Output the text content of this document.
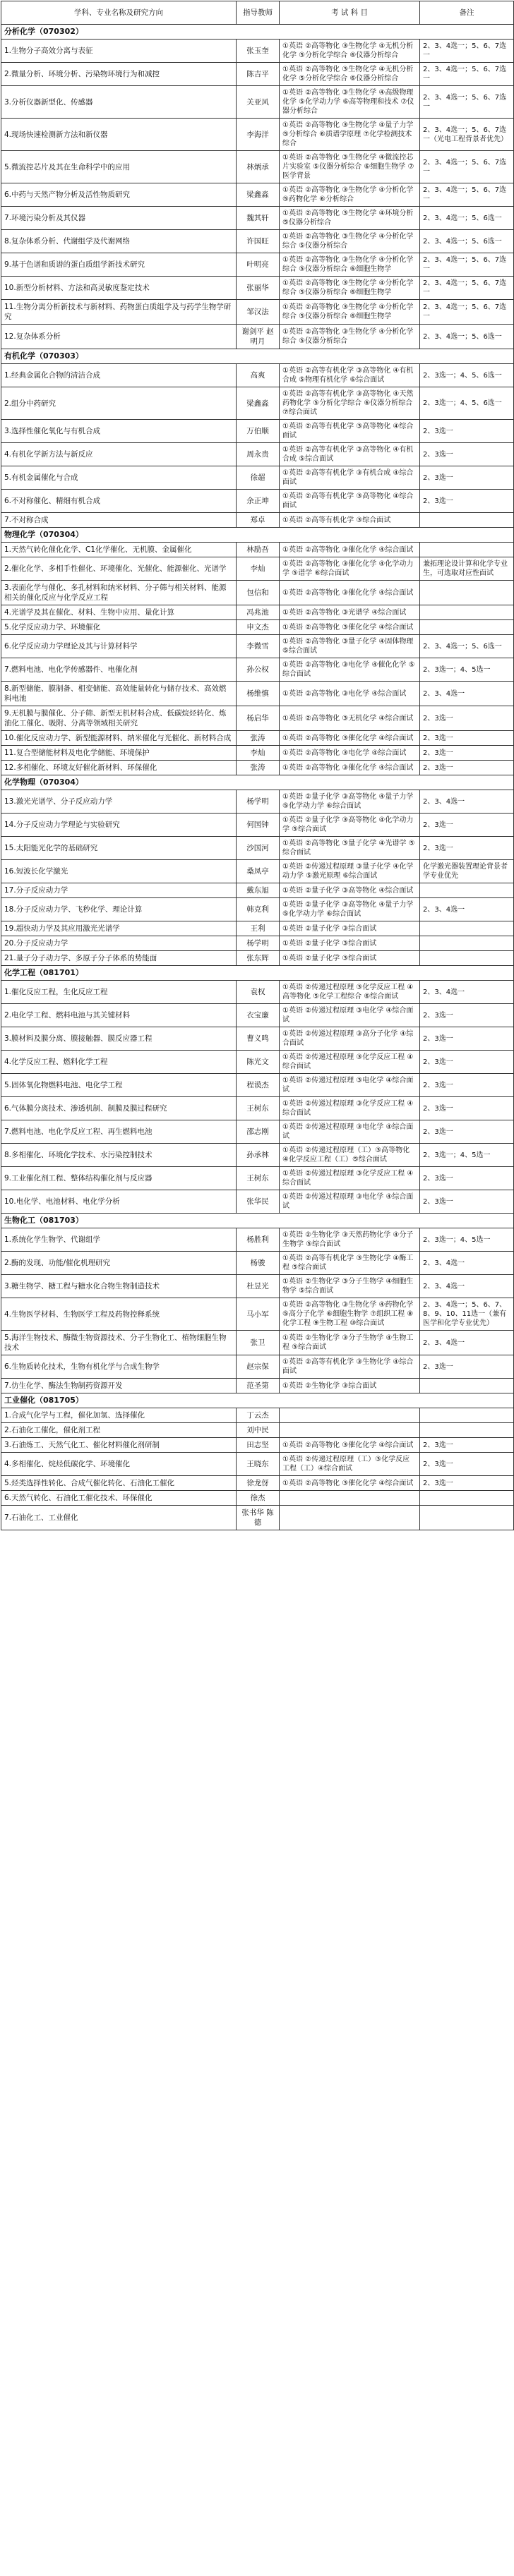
学科、专业名称及研究方向	指导教师	考 试 科 目	备注
分析化学（070302）			
1.生物分子高效分离与表征	张玉奎	①英语 ②高等物化 ③生物化学 ④无机分析化学 ⑤分析化学综合 ⑥仪器分析综合	2、3、4选一；5、6、7选一
2.微量分析、环境分析、污染物环境行为和减控	陈吉平	①英语 ②高等物化 ③生物化学 ④无机分析化学 ⑤分析化学综合 ⑥仪器分析综合	2、3、4选一；5、6、7选一
3.分析仪器新型化、传感器	关亚风	①英语 ②高等物化 ③生物化学 ④高级物理化学 ⑤化学动力学 ⑥高等物理和技术 ⑦仪器分析综合	2、3、4选一；5、6、7选一
4.现场快速检测新方法和新仪器	李海洋	①英语 ②高等物化 ③生物化学 ④量子力学 ⑤分析综合 ⑥质谱学原理 ⑦化学检测技术综合	2、3、4选一；5、6、7选一（光电工程背景者优先）
5.微流控芯片及其在生命科学中的应用	林炳承	①英语 ②高等物化 ③生物化学 ④微流控芯片实验室 ⑤仪器分析综合 ⑥细胞生物学 ⑦医学背景	2、3、4选一；5、6、7选一
6.中药与天然产物分析及活性物质研究	梁鑫淼	①英语 ②高等物化 ③生物化学 ④分析化学 ⑤药物化学 ⑥分析综合	2、3、4选一；5、6、7选一
7.环境污染分析及其仪器	魏其轩	①英语 ②高等物化 ③生物化学 ④环境分析 ⑤仪器分析综合	2、3、4选一；5、6选一
8.复杂体系分析、代谢组学及代谢网络	许国旺	①英语 ②高等物化 ③生物化学 ④分析化学综合 ⑤仪器分析综合	2、3、4选一；5、6选一
9.基于色谱和质谱的蛋白质组学新技术研究	叶明亮	①英语 ②高等物化 ③生物化学 ④分析化学综合 ⑤仪器分析综合 ⑥细胞生物学	2、3、4选一；5、6、7选一
10.新型分析材料、方法和高灵敏度鉴定技术	张丽华	①英语 ②高等物化 ③生物化学 ④分析化学综合 ⑤仪器分析综合 ⑥细胞生物学	2、3、4选一；5、6、7选一
11.生物分离分析新技术与新材料、药物蛋白质组学及与药学生物学研究	邹汉法	①英语 ②高等物化 ③生物化学 ④分析化学综合 ⑤仪器分析综合 ⑥细胞生物学	2、3、4选一；5、6、7选一
12.复杂体系分析	谢剑平 赵明月	①英语 ②高等物化 ③生物化学 ④分析化学综合 ⑤仪器分析综合	2、3、4选一；5、6选一
有机化学（070303）			
1.经典金属化合物的清洁合成	高爽	①英语 ②高等有机化学 ③高等物化 ④有机合成 ⑤物理有机化学 ⑥综合面试	2、3选一；4、5、6选一
2.组分中药研究	梁鑫淼	①英语 ②高等有机化学 ③高等物化 ④天然药物化学 ⑤分析化学综合 ⑥仪器分析综合 ⑦综合面试	2、3选一；4、5、6选一
3.选择性催化氧化与有机合成	万伯顺	①英语 ②高等有机化学 ③高等物化 ④综合面试	2、3选一
4.有机化学新方法与新反应	周永贵	①英语 ②高等有机化学 ③高等物化 ④有机合成 ⑤综合面试	2、3选一
5.有机金属催化与合成	徐超	①英语 ②高等有机化学 ③有机合成 ④综合面试	2、3选一
6.不对称催化、精细有机合成	余正坤	①英语 ②高等有机化学 ③高等物化 ④综合面试	2、3选一
7.不对称合成	郑卓	①英语 ②高等有机化学 ③综合面试	
物理化学（070304）			
1.天然气转化催化化学、C1化学催化、无机膜、金属催化	林励吾	①英语 ②高等物化 ③催化化学 ④综合面试	
2.催化化学、多相手性催化、环境催化、光催化、能源催化、光谱学	李灿	①英语 ②高等物化 ③催化化学 ④化学动力学 ⑤谱学 ⑥综合面试	兼拓理论设计算和化学专业生，可选取对应性面试
3.表面化学与催化、多孔材料和纳米材料、分子筛与相关材料、能源相关的催化反应与化学反应工程	包信和	①英语 ②高等物化 ③催化化学 ④综合面试	
4.光谱学及其在催化、材料、生物中应用、量化计算	冯兆池	①英语 ②高等物化 ③光谱学 ④综合面试	
5.化学反应动力学、环境催化	申文杰	①英语 ②高等物化 ③催化化学 ④综合面试	
6.化学反应动力学理论及其与计算材料学	李微雪	①英语 ②高等物化 ③量子化学 ④固体物理 ⑤综合面试	2、3、4选一；5、6选一
7.燃料电池、电化学传感器件、电催化剂	孙公权	①英语 ②高等物化 ③电化学 ④催化化学 ⑤综合面试	2、3选一；4、5选一
8.新型储能、膜制备、相变储能、高效能量转化与储存技术、高效燃料电池	杨维慎	①英语 ②高等物化 ③电化学 ④综合面试	2、3、4选一
9.无机膜与膜催化、分子筛、新型无机材料合成、低碳烷烃转化、炼油化工催化、吸附、分离等领域相关研究	杨启华	①英语 ②高等物化 ③无机化学 ④综合面试	2、3选一
10.催化反应动力学、新型能源材料、纳米催化与光催化、新材料合成	张涛	①英语 ②高等物化 ③催化化学 ④综合面试	2、3选一
11.复合型储能材料及电化学储能、环境保护	李灿	①英语 ②高等物化 ③电化学 ④综合面试	2、3选一
12.多相催化、环境友好催化新材料、环保催化	张涛	①英语 ②高等物化 ③催化化学 ④综合面试	2、3选一
化学物理（070304）			
13.激光光谱学、分子反应动力学	杨学明	①英语 ②量子化学 ③高等物化 ④量子力学 ⑤化学动力学 ⑥综合面试	2、3、4选一
14.分子反应动力学理论与实验研究	何国钟	①英语 ②量子化学 ③高等物化 ④化学动力学 ⑤综合面试	2、3选一
15.太阳能光化学的基础研究	沙国河	①英语 ②高等物化 ③量子化学 ④光谱学 ⑤综合面试	2、3选一
16.短波长化学激光	桑凤亭	①英语 ②传递过程原理 ③量子化学 ④化学动力学 ⑤激光原理 ⑥综合面试	化学激光器装置理论背景者学专业优先
17.分子反应动力学	戴东旭	①英语 ②量子化学 ③高等物化 ④综合面试	
18.分子反应动力学、飞秒化学、理论计算	韩克利	①英语 ②量子化学 ③高等物化 ④量子力学 ⑤化学动力学 ⑥综合面试	2、3、4选一
19.超快动力学及其应用激光光谱学	王利	①英语 ②量子化学 ③综合面试	
20.分子反应动力学	杨学明	①英语 ②量子化学 ③综合面试	
21.量子分子动力学、多原子分子体系的势能面	张东辉	①英语 ②量子化学 ③综合面试	
化学工程（081701）			
1.催化反应工程，生化反应工程	袁权	①英语 ②传递过程原理 ③化学反应工程 ④高等物化 ⑤化学工程综合 ⑥综合面试	2、3、4选一
2.电化学工程、燃料电池与其关键材料	衣宝廉	①英语 ②传递过程原理 ③电化学 ④综合面试	2、3选一
3.膜材料及膜分离、膜接触器、膜反应器工程	曹义鸣	①英语 ②传递过程原理 ③高分子化学 ④综合面试	2、3选一
4.化学反应工程、燃料化学工程	陈光文	①英语 ②传递过程原理 ③化学反应工程 ④综合面试	2、3选一
5.固体氧化物燃料电池、电化学工程	程谟杰	①英语 ②传递过程原理 ③电化学 ④综合面试	2、3选一
6.气体膜分离技术、渗透机制、制膜及膜过程研究	王树东	①英语 ②传递过程原理 ③化学反应工程 ④综合面试	2、3选一
7.燃料电池、电化学反应工程、再生燃料电池	邵志刚	①英语 ②传递过程原理 ③电化学 ④综合面试	2、3选一
8.多相催化、环境化学技术、水污染控制技术	孙承林	①英语 ②传递过程原理（工）③高等物化 ④化学反应工程（工）⑤综合面试	2、3选一；4、5选一
9.工业催化剂工程、整体结构催化剂与反应器	王树东	①英语 ②传递过程原理 ③化学反应工程 ④综合面试	2、3选一
10.电化学、电池材料、电化学分析	张华民	①英语 ②传递过程原理 ③电化学 ④综合面试	2、3选一
生物化工（081703）			
1.系统化学生物学、代谢组学	杨胜利	①英语 ②生物化学 ③天然药物化学 ④分子生物学 ⑤综合面试	2、3选一；4、5选一
2.酶的发现、功能/催化机理研究	杨骏	①英语 ②高等有机化学 ③生物化学 ④酶工程 ⑤综合面试	2、3、4选一
3.糖生物学、糖工程与糖水化合物生物制造技术	杜昱光	①英语 ②生物化学 ③分子生物学 ④细胞生物学 ⑤综合面试	2、3、4选一
4.生物医学材料、生物医学工程及药物控释系统	马小军	①英语 ②高等物化 ③生物化学 ④药物化学 ⑤高分子化学 ⑥细胞生物学 ⑦组织工程 ⑧化学工程 ⑨生物工程 ⑩综合面试	2、3、4选一；5、6、7、8、9、10、11选一（兼有医学和化学专业优先）
5.海洋生物技术、酶微生物资源技术、分子生物化工、植物细胞生物技术	张卫	①英语 ②生物化学 ③分子生物学 ④生物工程 ⑤综合面试	2、3、4选一
6.生物质转化技术，生物有机化学与合成生物学	赵宗保	①英语 ②高等有机化学 ③生物化学 ④综合面试	2、3选一
7.仿生化学、酶法生物制药资源开发	范圣第	①英语 ②生物化学 ③综合面试	
工业催化（081705）			
1.合成气化学与工程，催化加氢、选择催化	丁云杰		
2.石油化工催化，催化剂工程	刘中民		
3.石油炼工、天然气化工、催化材料催化剂研制	田志坚	①英语 ②高等物化 ③催化化学 ④综合面试	2、3选一
4.多相催化、烷烃低碳化学、环境催化	王晓东	①英语 ②传递过程原理（工）③化学反应工程（工）④综合面试	2、3选一
5.烃类选择性转化、合成气催化转化、石油化工催化	徐龙伢	①英语 ②高等物化 ③催化化学 ④综合面试	2、3选一
6.天然气转化、石油化工催化技术、环保催化	徐杰		
7.石油化工、工业催化	张书华 陈德		
